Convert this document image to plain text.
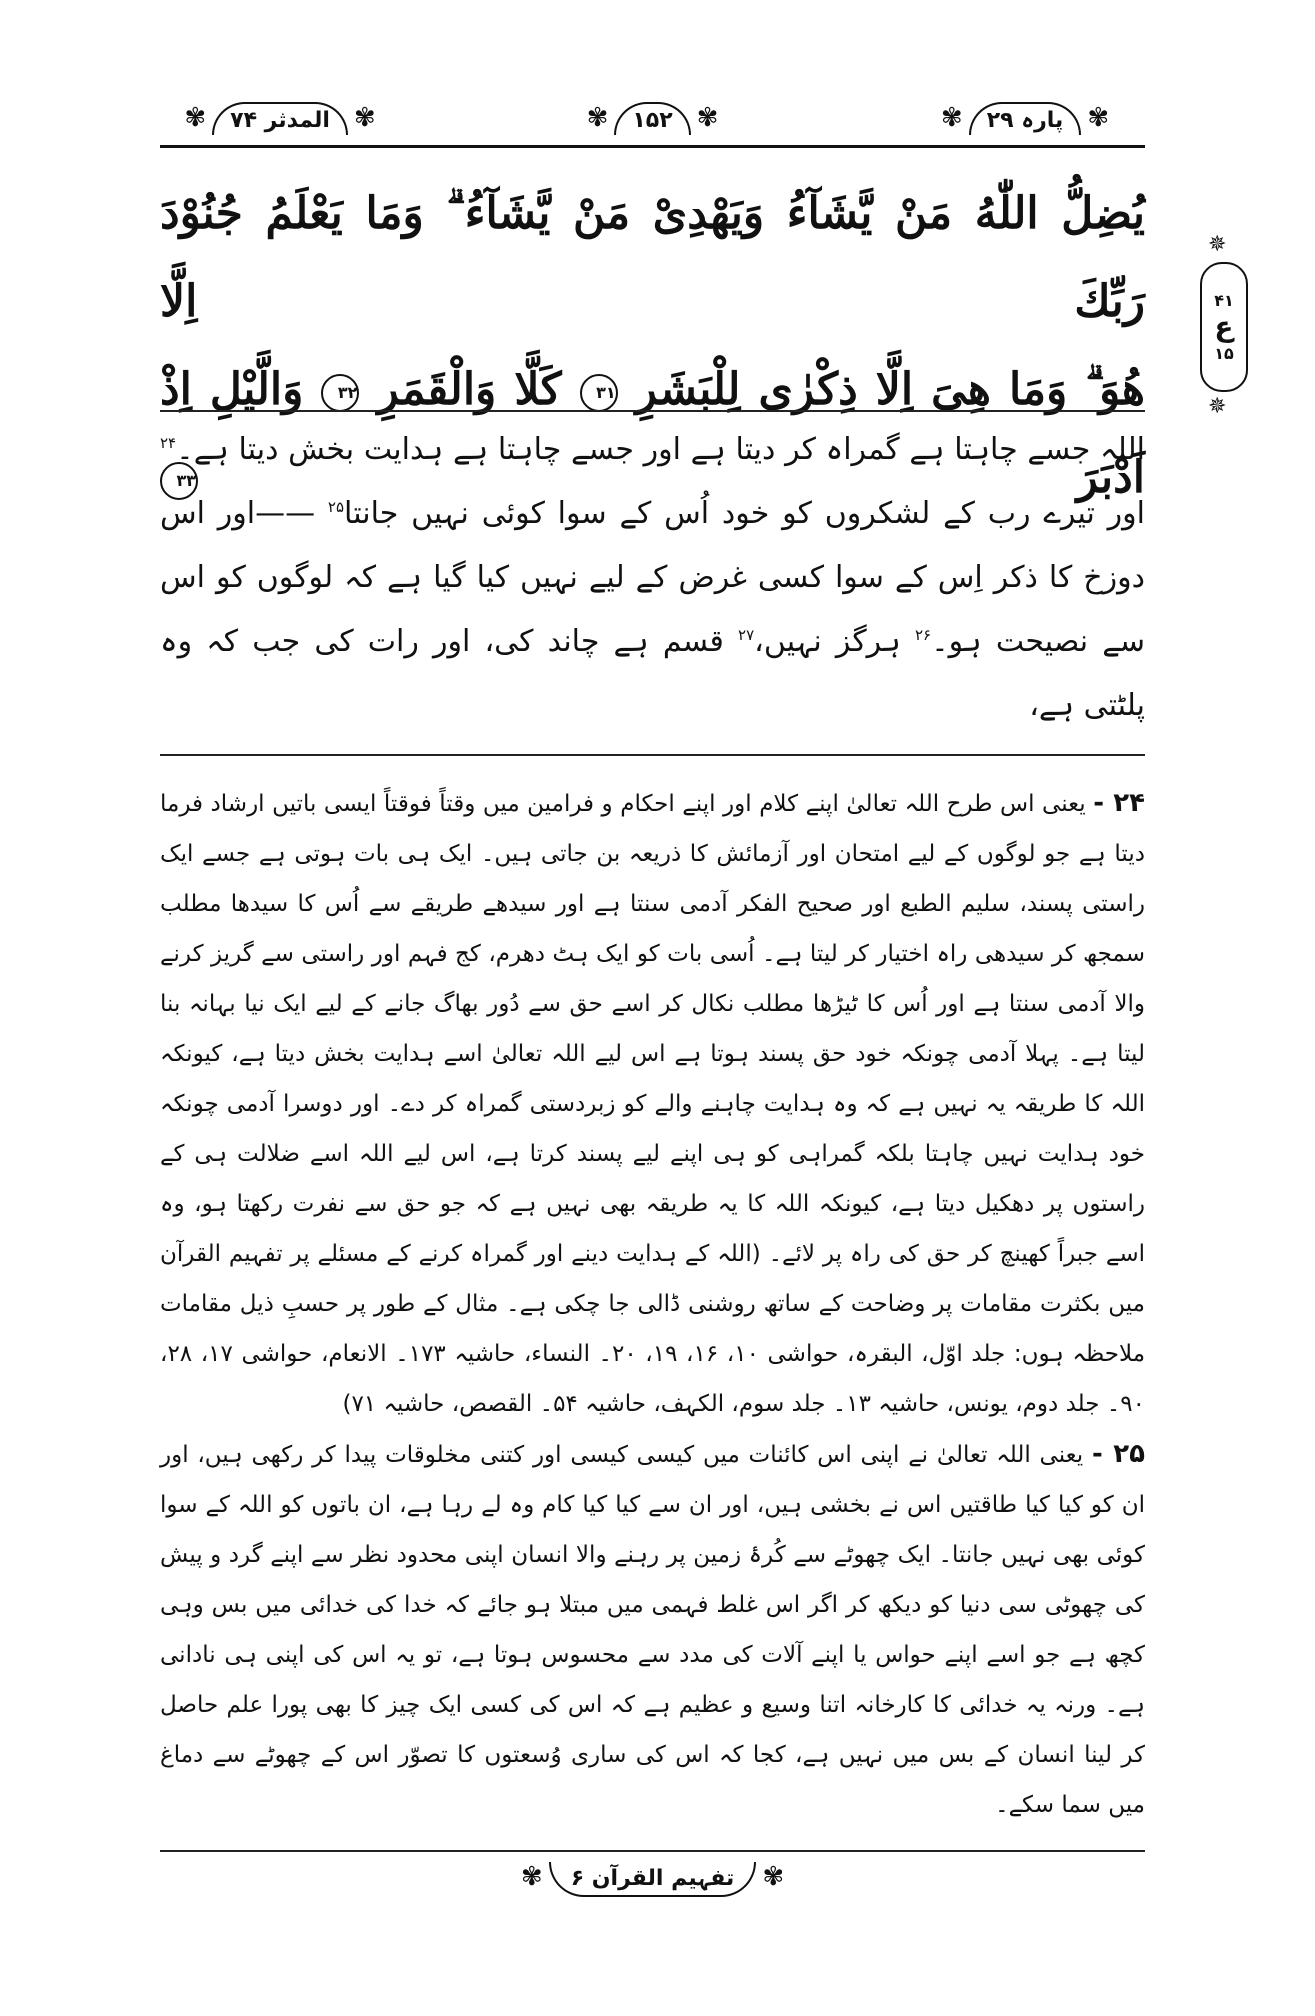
✾
پارہ ۲۹
✾
✾
۱۵۲
✾
✾
المدثر ۷۴
✾
يُضِلُّ اللّٰهُ مَنْ يَّشَآءُ وَيَهْدِىْ مَنْ يَّشَآءُ ۗ وَمَا يَعْلَمُ جُنُوْدَ رَبِّكَ اِلَّا
هُوَ ۗ وَمَا هِىَ اِلَّا ذِكْرٰى لِلْبَشَرِ ۳۱ كَلَّا وَالْقَمَرِ ۳۲ وَالَّيْلِ اِذْ اَدْبَرَ ۳۳
✵
۴۱
ع
۱۵
✵
اللہ جسے چاہتا ہے گمراہ کر دیتا ہے اور جسے چاہتا ہے ہدایت بخش دیتا ہے۔$^{۲۴}$ اور تیرے رب کے لشکروں کو خود اُس کے سوا کوئی نہیں جانتا$^{۲۵}$ ——اور اس دوزخ کا ذکر اِس کے سوا کسی غرض کے لیے نہیں کیا گیا ہے کہ لوگوں کو اس سے نصیحت ہو۔$^{۲۶}$ ہرگز نہیں،$^{۲۷}$ قسم ہے چاند کی، اور رات کی جب کہ وہ پلٹتی ہے،

۲۴ - یعنی اس طرح اللہ تعالیٰ اپنے کلام اور اپنے احکام و فرامین میں وقتاً فوقتاً ایسی باتیں ارشاد فرما دیتا ہے جو لوگوں کے لیے امتحان اور آزمائش کا ذریعہ بن جاتی ہیں۔ ایک ہی بات ہوتی ہے جسے ایک راستی پسند، سلیم الطبع اور صحیح الفکر آدمی سنتا ہے اور سیدھے طریقے سے اُس کا سیدھا مطلب سمجھ کر سیدھی راہ اختیار کر لیتا ہے۔ اُسی بات کو ایک ہٹ دھرم، کج فہم اور راستی سے گریز کرنے والا آدمی سنتا ہے اور اُس کا ٹیڑھا مطلب نکال کر اسے حق سے دُور بھاگ جانے کے لیے ایک نیا بہانہ بنا لیتا ہے۔ پہلا آدمی چونکہ خود حق پسند ہوتا ہے اس لیے اللہ تعالیٰ اسے ہدایت بخش دیتا ہے، کیونکہ اللہ کا طریقہ یہ نہیں ہے کہ وہ ہدایت چاہنے والے کو زبردستی گمراہ کر دے۔ اور دوسرا آدمی چونکہ خود ہدایت نہیں چاہتا بلکہ گمراہی کو ہی اپنے لیے پسند کرتا ہے، اس لیے اللہ اسے ضلالت ہی کے راستوں پر دھکیل دیتا ہے، کیونکہ اللہ کا یہ طریقہ بھی نہیں ہے کہ جو حق سے نفرت رکھتا ہو، وہ اسے جبراً کھینچ کر حق کی راہ پر لائے۔ (اللہ کے ہدایت دینے اور گمراہ کرنے کے مسئلے پر تفہیم القرآن میں بکثرت مقامات پر وضاحت کے ساتھ روشنی ڈالی جا چکی ہے۔ مثال کے طور پر حسبِ ذیل مقامات ملاحظہ ہوں: جلد اوّل، البقرہ، حواشی ۱۰، ۱۶، ۱۹، ۲۰۔ النساء، حاشیہ ۱۷۳۔ الانعام، حواشی ۱۷، ۲۸، ۹۰۔ جلد دوم، یونس، حاشیہ ۱۳۔ جلد سوم، الکہف، حاشیہ ۵۴۔ القصص، حاشیہ ۷۱)

۲۵ - یعنی اللہ تعالیٰ نے اپنی اس کائنات میں کیسی کیسی اور کتنی مخلوقات پیدا کر رکھی ہیں، اور ان کو کیا کیا طاقتیں اس نے بخشی ہیں، اور ان سے کیا کیا کام وہ لے رہا ہے، ان باتوں کو اللہ کے سوا کوئی بھی نہیں جانتا۔ ایک چھوٹے سے کُرۂ زمین پر رہنے والا انسان اپنی محدود نظر سے اپنے گرد و پیش کی چھوٹی سی دنیا کو دیکھ کر اگر اس غلط فہمی میں مبتلا ہو جائے کہ خدا کی خدائی میں بس وہی کچھ ہے جو اسے اپنے حواس یا اپنے آلات کی مدد سے محسوس ہوتا ہے، تو یہ اس کی اپنی ہی نادانی ہے۔ ورنہ یہ خدائی کا کارخانہ اتنا وسیع و عظیم ہے کہ اس کی کسی ایک چیز کا بھی پورا علم حاصل کر لینا انسان کے بس میں نہیں ہے، کجا کہ اس کی ساری وُسعتوں کا تصوّر اس کے چھوٹے سے دماغ میں سما سکے۔

✾
تفہیم القرآن ۶
✾
